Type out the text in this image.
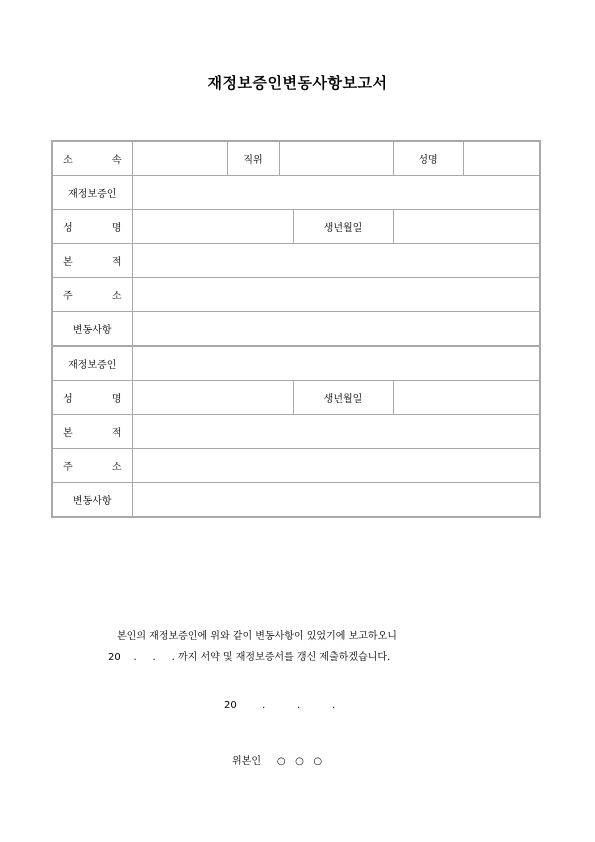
재정보증인변동사항보고서
소 속		직위			성명	
재정보증인						
성 명				생년월일		
본 적						
주 소						
변동사항						
재정보증인						
성 명				생년월일		
본 적						
주 소						
변동사항						
본인의 재정보증인에 위와 같이 변동사항이 있었기에 보고하오니
20    .     .     . 까지 서약 및 재정보증서를 갱신 제출하겠습니다.
20        .          .          .
위본인     ○   ○   ○
